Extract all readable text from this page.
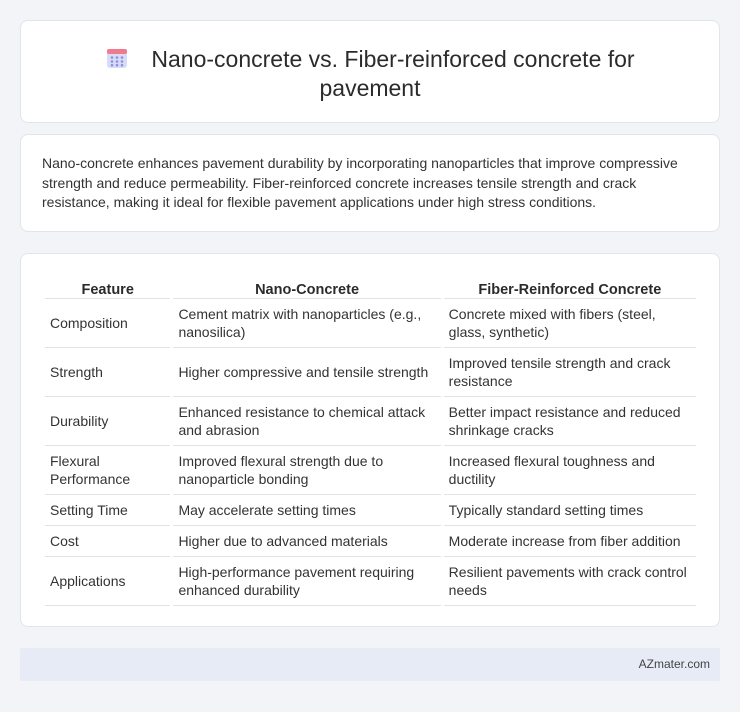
Nano-concrete vs. Fiber-reinforced concrete for pavement

Nano-concrete enhances pavement durability by incorporating nanoparticles that improve compressive strength and reduce permeability. Fiber-reinforced concrete increases tensile strength and crack resistance, making it ideal for flexible pavement applications under high stress conditions.

Feature	Nano-Concrete	Fiber-Reinforced Concrete
Composition	Cement matrix with nanoparticles (e.g., nanosilica)	Concrete mixed with fibers (steel, glass, synthetic)
Strength	Higher compressive and tensile strength	Improved tensile strength and crack resistance
Durability	Enhanced resistance to chemical attack and abrasion	Better impact resistance and reduced shrinkage cracks
Flexural Performance	Improved flexural strength due to nanoparticle bonding	Increased flexural toughness and ductility
Setting Time	May accelerate setting times	Typically standard setting times
Cost	Higher due to advanced materials	Moderate increase from fiber addition
Applications	High-performance pavement requiring enhanced durability	Resilient pavements with crack control needs
AZmater.com
